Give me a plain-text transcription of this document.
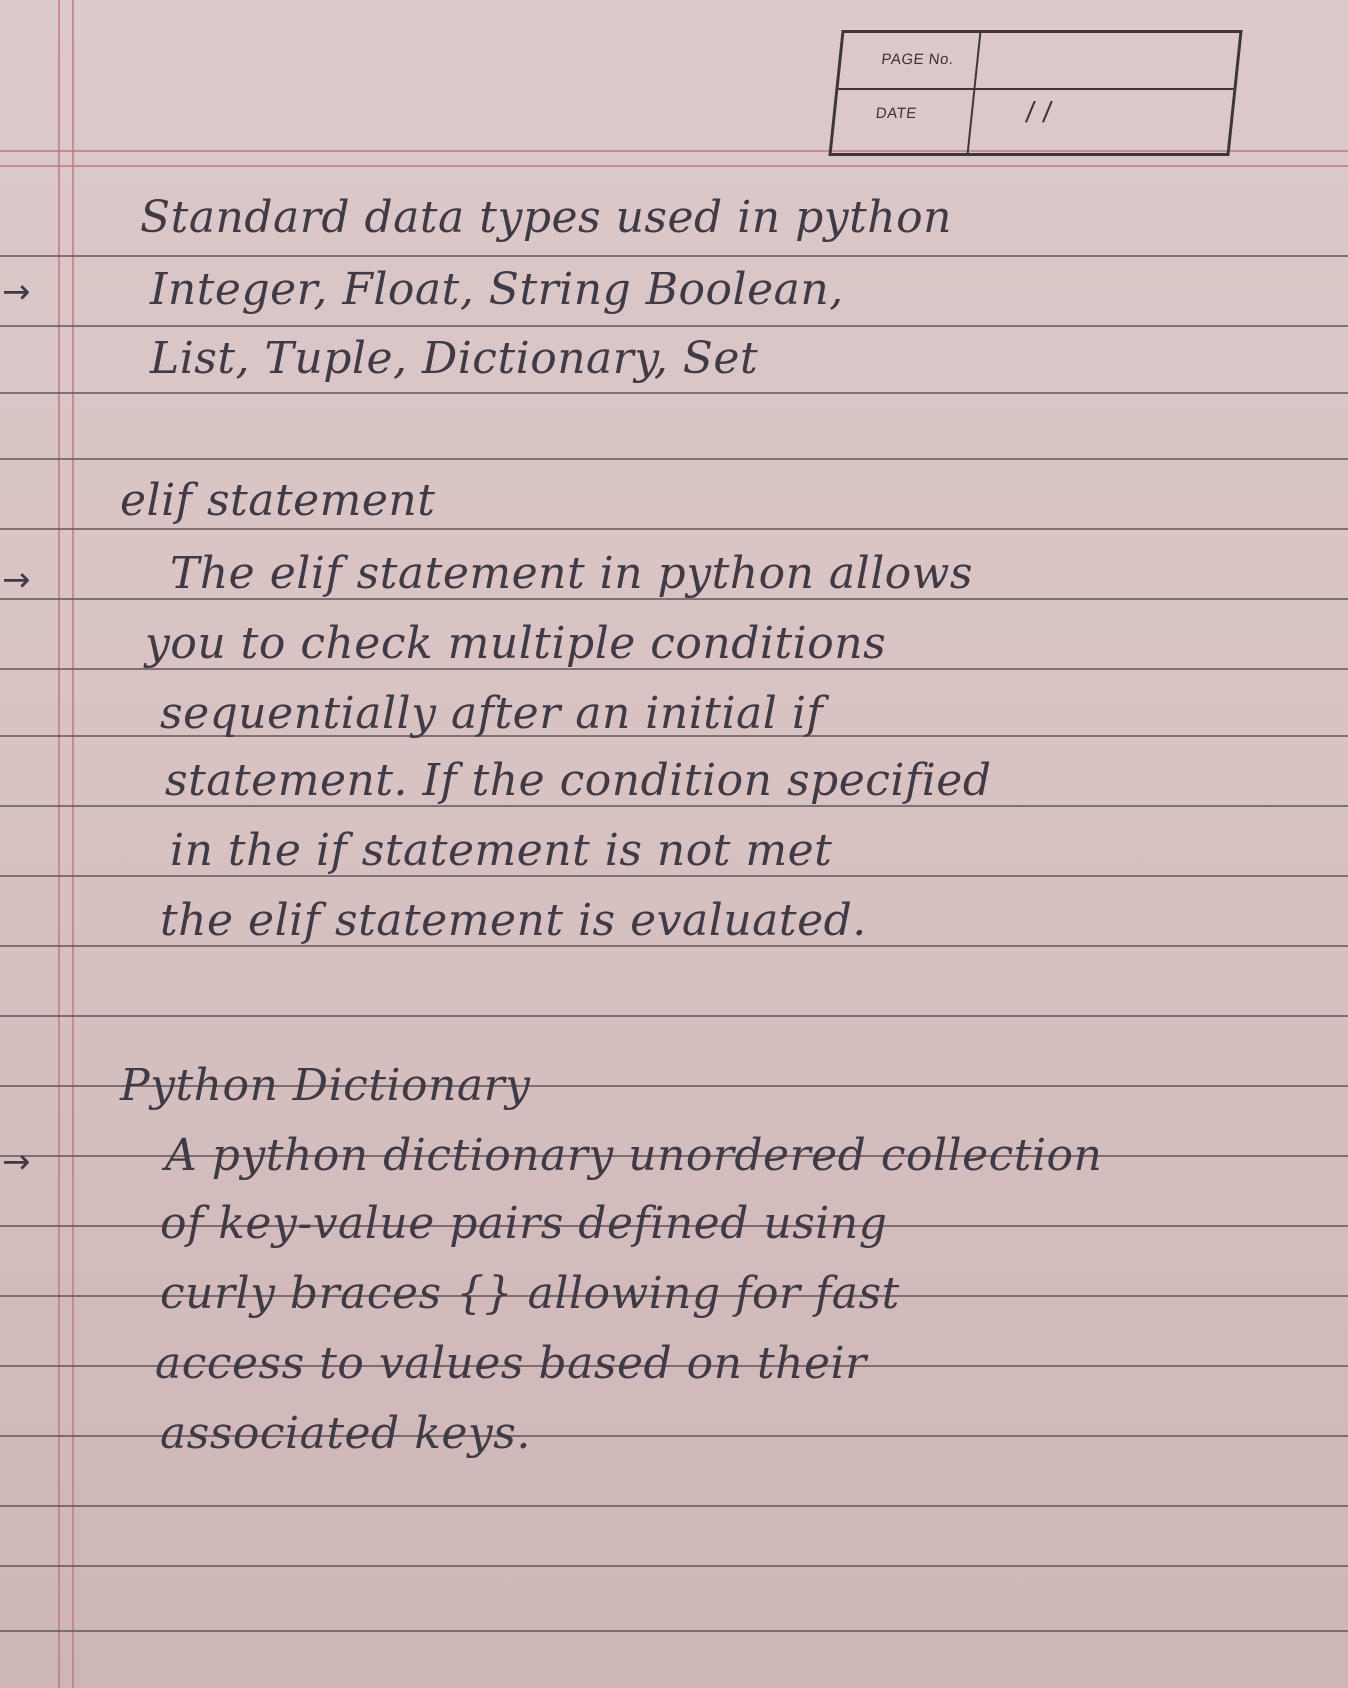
PAGE No.
DATE	/ /
Standard data types used in python
→	Integer, Float, String Boolean,
List, Tuple, Dictionary, Set
elif statement
→	The elif statement in python allows
you to check multiple conditions
sequentially after an initial if
statement. If the condition specified
in the if statement is not met
the elif statement is evaluated.
Python Dictionary
→	A python dictionary unordered collection
of key-value pairs defined using
curly braces {} allowing for fast
access to values based on their
associated keys.
